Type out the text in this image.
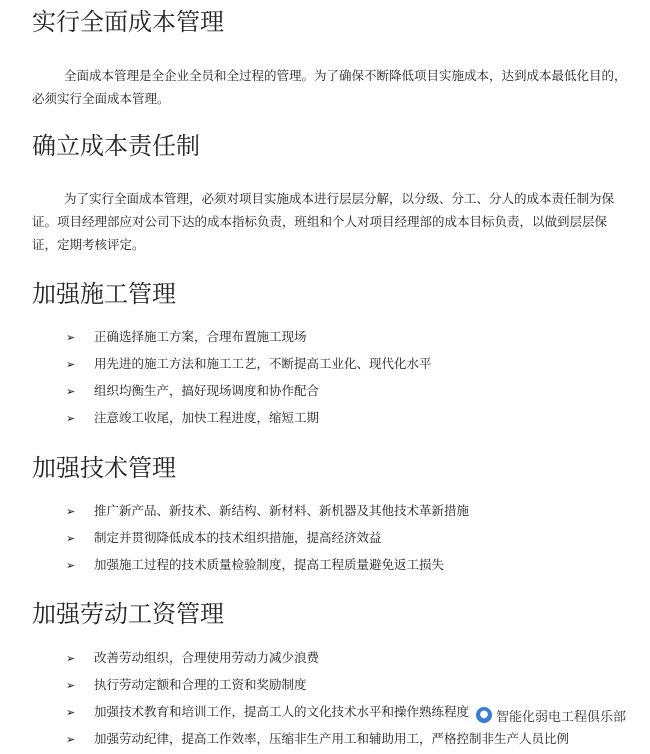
实行全面成本管理

全面成本管理是全企业全员和全过程的管理。为了确保不断降低项目实施成本，达到成本最低化目的，必须实行全面成本管理。

确立成本责任制

为了实行全面成本管理，必须对项目实施成本进行层层分解，以分级、分工、分人的成本责任制为保证。项目经理部应对公司下达的成本指标负责，班组和个人对项目经理部的成本目标负责，以做到层层保证，定期考核评定。

加强施工管理
➢ 正确选择施工方案，合理布置施工现场
➢ 用先进的施工方法和施工工艺，不断提高工业化、现代化水平
➢ 组织均衡生产，搞好现场调度和协作配合
➢ 注意竣工收尾，加快工程进度，缩短工期
加强技术管理
➢ 推广新产品、新技术、新结构、新材料、新机器及其他技术革新措施
➢ 制定并贯彻降低成本的技术组织措施，提高经济效益
➢ 加强施工过程的技术质量检验制度，提高工程质量避免返工损失
加强劳动工资管理
➢ 改善劳动组织，合理使用劳动力减少浪费
➢ 执行劳动定额和合理的工资和奖励制度
➢ 加强技术教育和培训工作，提高工人的文化技术水平和操作熟练程度
➢ 加强劳动纪律，提高工作效率，压缩非生产用工和辅助用工，严格控制非生产人员比例
● 智能化弱电工程俱乐部
